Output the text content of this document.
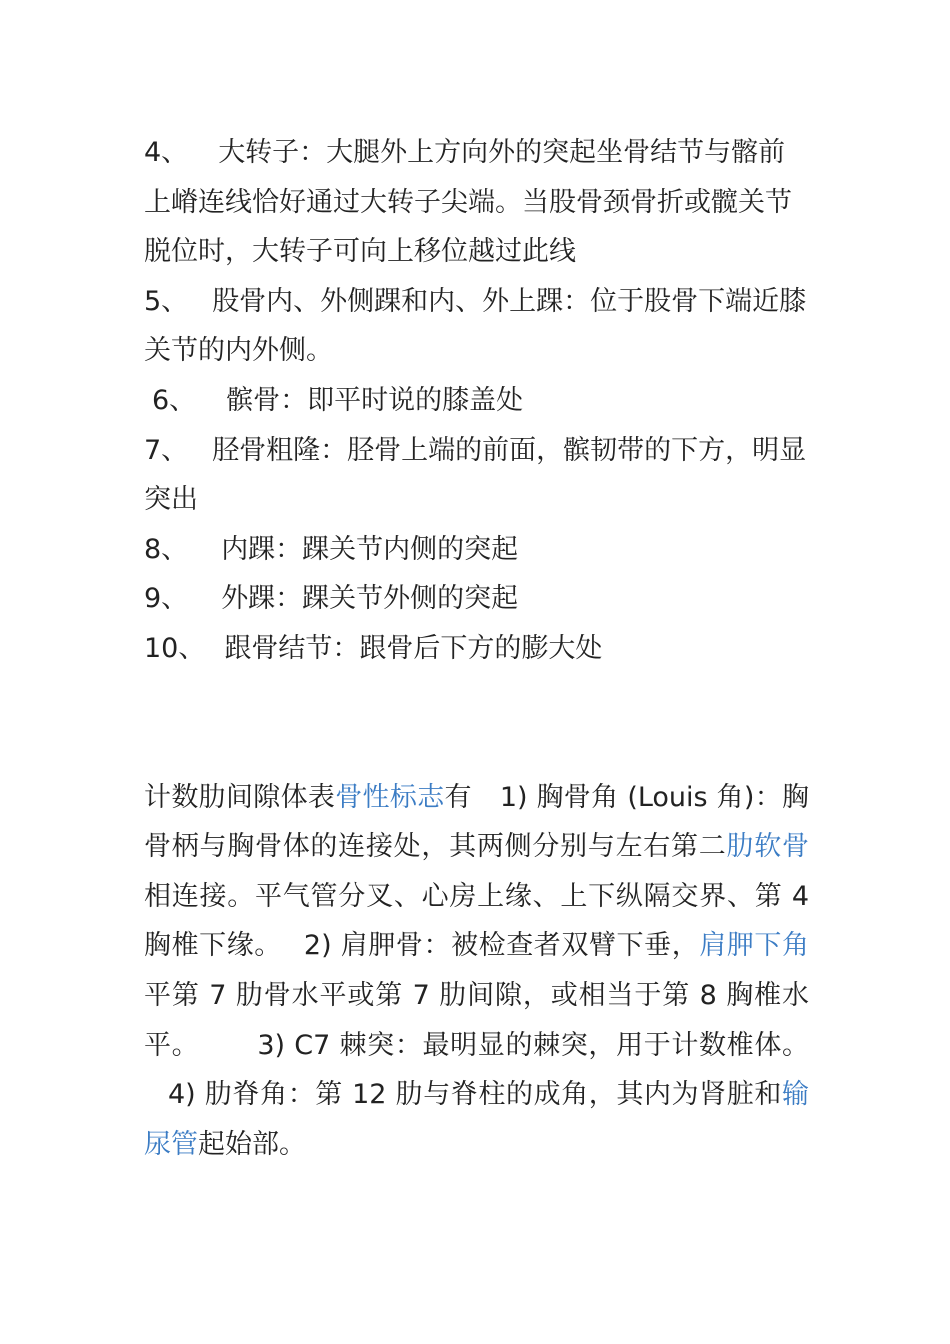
4、 大转子：大腿外上方向外的突起坐骨结节与髂前上嵴连线恰好通过大转子尖端。当股骨颈骨折或髋关节脱位时，大转子可向上移位越过此线

5、 股骨内、外侧踝和内、外上踝：位于股骨下端近膝关节的内外侧。

6、 髌骨：即平时说的膝盖处

7、 胫骨粗隆：胫骨上端的前面，髌韧带的下方，明显突出

8、 内踝：踝关节内侧的突起

9、 外踝：踝关节外侧的突起

10、 跟骨结节：跟骨后下方的膨大处

计数肋间隙体表骨性标志有 1) 胸骨角 (Louis 角)：胸骨柄与胸骨体的连接处，其两侧分别与左右第二肋软骨相连接。平气管分叉、心房上缘、上下纵隔交界、第 4 胸椎下缘。 2) 肩胛骨：被检查者双臂下垂，肩胛下角平第 7 肋骨水平或第 7 肋间隙，或相当于第 8 胸椎水平。 3) C7 棘突：最明显的棘突，用于计数椎体。4) 肋脊角：第 12 肋与脊柱的成角，其内为肾脏和输尿管起始部。
